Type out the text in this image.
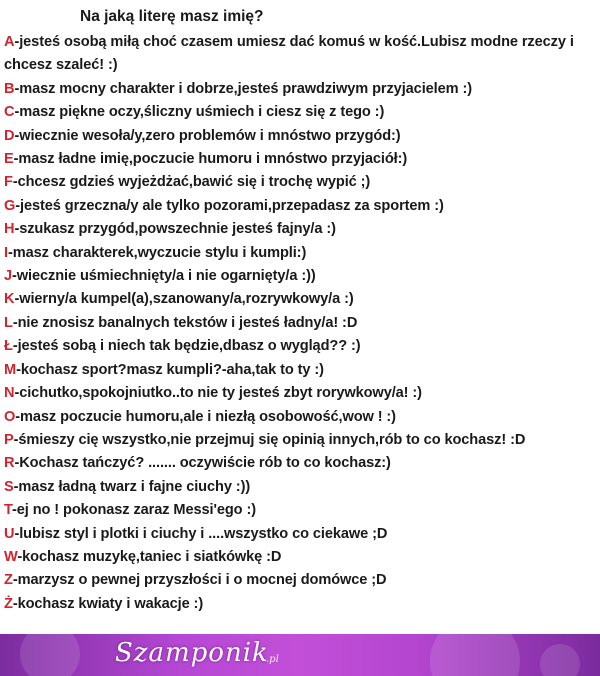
Na jaką literę masz imię?
A-jesteś osobą miłą choć czasem umiesz dać komuś w kość.Lubisz modne rzeczy i chcesz szaleć! :)
B-masz mocny charakter i dobrze,jesteś prawdziwym przyjacielem :)
C-masz piękne oczy,śliczny uśmiech i ciesz się z tego :)
D-wiecznie wesoła/y,zero problemów i mnóstwo przygód:)
E-masz ładne imię,poczucie humoru i mnóstwo przyjaciół:)
F-chcesz gdzieś wyjeżdżać,bawić się i trochę wypić ;)
G-jesteś grzeczna/y ale tylko pozorami,przepadasz za sportem :)
H-szukasz przygód,powszechnie jesteś fajny/a :)
I-masz charakterek,wyczucie stylu i kumpli:)
J-wiecznie uśmiechnięty/a i nie ogarnięty/a :))
K-wierny/a kumpel(a),szanowany/a,rozrywkowy/a :)
L-nie znosisz banalnych tekstów i jesteś ładny/a! :D
Ł-jesteś sobą i niech tak będzie,dbasz o wygląd?? :)
M-kochasz sport?masz kumpli?-aha,tak to ty :)
N-cichutko,spokojniutko..to nie ty jesteś zbyt rorywkowy/a! :)
O-masz poczucie humoru,ale i niezłą osobowość,wow ! :)
P-śmieszy cię wszystko,nie przejmuj się opinią innych,rób to co kochasz! :D
R-Kochasz tańczyć? ....... oczywiście rób to co kochasz:)
S-masz ładną twarz i fajne ciuchy :))
T-ej no ! pokonasz zaraz Messi'ego :)
U-lubisz styl i plotki i ciuchy i ....wszystko co ciekawe ;D
W-kochasz muzykę,taniec i siatkówkę :D
Z-marzysz o pewnej przyszłości i o mocnej domówce ;D
Ż-kochasz kwiaty i wakacje :)
Szamponik
.pl
